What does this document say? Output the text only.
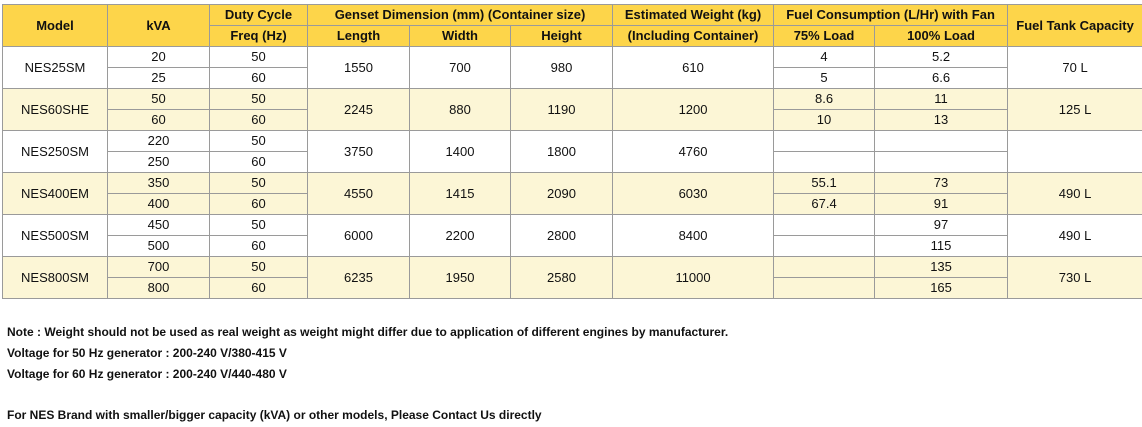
Model	kVA	Duty Cycle	Genset Dimension (mm) (Container size)			Estimated Weight (kg)	Fuel Consumption (L/Hr) with Fan		Fuel Tank Capacity
		Freq (Hz)	Length	Width	Height	(Including Container)	75% Load	100% Load	
NES25SM	20	50	1550	700	980	610	4	5.2	70 L
	25	60					5	6.6	
NES60SHE	50	50	2245	880	1190	1200	8.6	11	125 L
	60	60					10	13	
NES250SM	220	50	3750	1400	1800	4760			
	250	60							
NES400EM	350	50	4550	1415	2090	6030	55.1	73	490 L
	400	60					67.4	91	
NES500SM	450	50	6000	2200	2800	8400		97	490 L
	500	60						115	
NES800SM	700	50	6235	1950	2580	11000		135	730 L
	800	60						165	

Note : Weight should not be used as real weight as weight might differ due to application of different engines by manufacturer.

Voltage for 50 Hz generator : 200-240 V/380-415 V

Voltage for 60 Hz generator : 200-240 V/440-480 V

For NES Brand with smaller/bigger capacity (kVA) or other models, Please Contact Us directly
